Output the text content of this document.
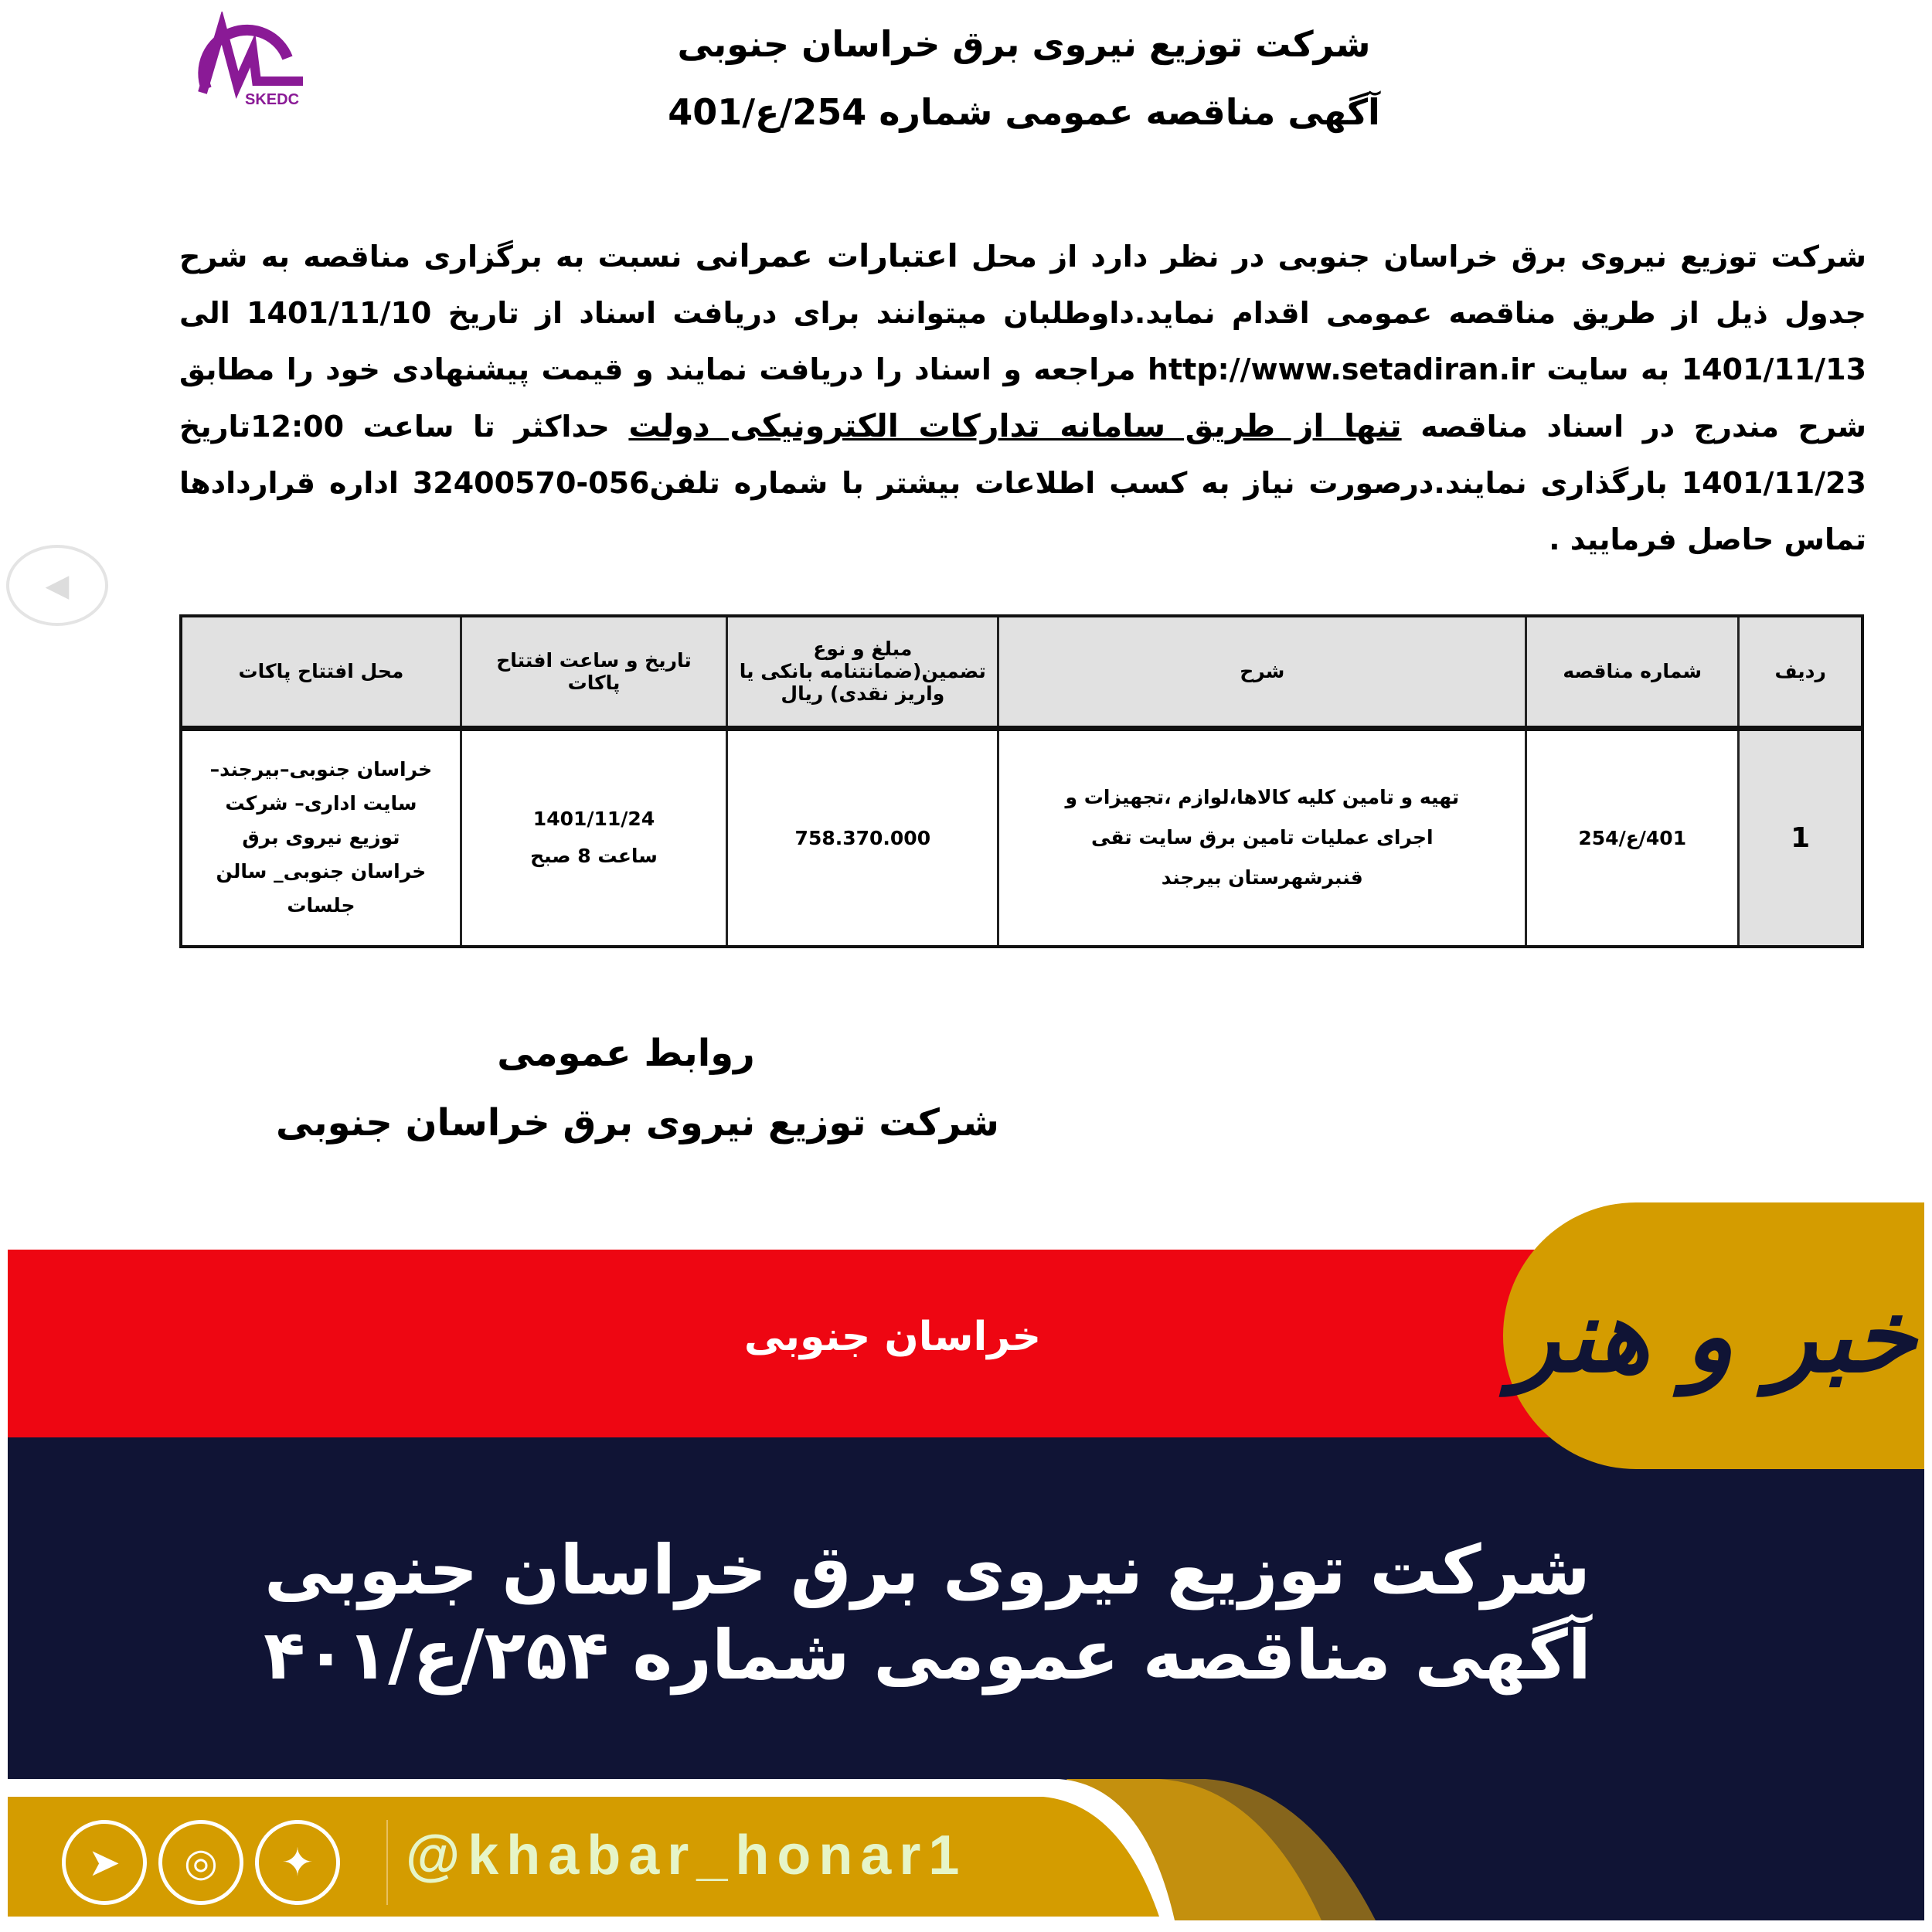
SKEDC
شرکت توزیع نیروی برق خراسان جنوبی
آگهی مناقصه عمومی شماره 254/ع/401
شرکت توزیع نیروی برق خراسان جنوبی در نظر دارد از محل اعتبارات عمرانی نسبت به برگزاری مناقصه به شرح جدول ذیل از طریق مناقصه عمومی اقدام نماید.داوطلبان میتوانند برای دریافت اسناد از تاریخ 1401/11/10 الی 1401/11/13 به سایت http://www.setadiran.ir مراجعه و اسناد را دریافت نمایند و قیمت پیشنهادی خود را مطابق شرح مندرج در اسناد مناقصه تنها از طریق سامانه تدارکات الکترونیکی دولت حداکثر تا ساعت 12:00تاریخ 1401/11/23 بارگذاری نمایند.درصورت نیاز به کسب اطلاعات بیشتر با شماره تلفن056-32400570 اداره قراردادها تماس حاصل فرمایید .
◀
ردیف	شماره مناقصه	شرح	مبلغ و نوع تضمین(ضمانتنامه بانکی یا واریز نقدی) ریال	تاریخ و ساعت افتتاح پاکات	محل افتتاح پاکات
1	401/ع/254	تهیه و تامین کلیه کالاها،لوازم ،تجهیزات و اجرای عملیات تامین برق سایت تقی قنبرشهرستان بیرجند	758.370.000	1401/11/24 ساعت 8 صبح	خراسان جنوبی–بیرجند– سایت اداری– شرکت توزیع نیروی برق خراسان جنوبی_ سالن جلسات
روابط عمومی
شرکت توزیع نیروی برق خراسان جنوبی
خراسان جنوبی	خبر و هنر
شرکت توزیع نیروی برق خراسان جنوبی
آگهی مناقصه عمومی شماره ۲۵۴/ع/۴۰۱
➤	◎	✦	@khabar_honar1
